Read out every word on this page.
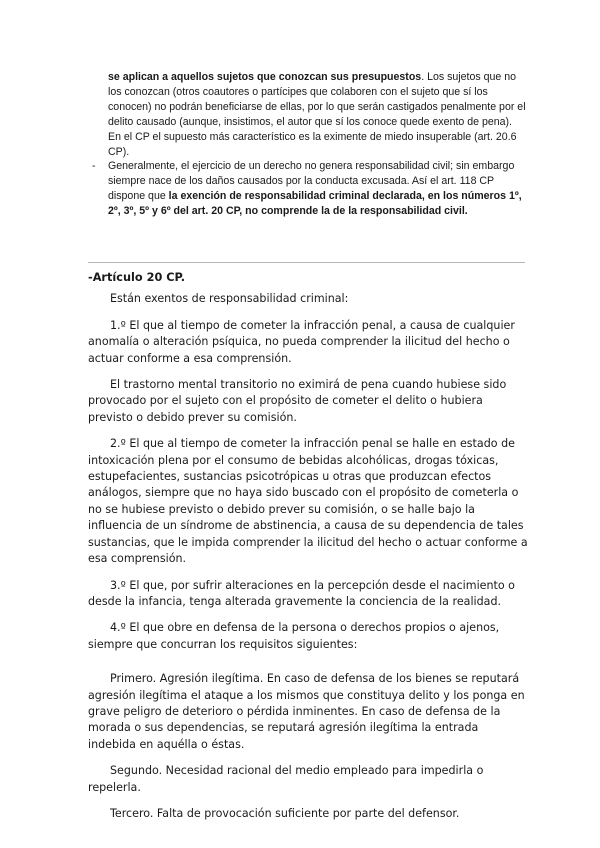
se aplican a aquellos sujetos que conozcan sus presupuestos. Los sujetos que no los conozcan (otros coautores o partícipes que colaboren con el sujeto que sí los conocen) no podrán beneficiarse de ellas, por lo que serán castigados penalmente por el delito causado (aunque, insistimos, el autor que sí los conoce quede exento de pena).

En el CP el supuesto más característico es la eximente de miedo insuperable (art. 20.6 CP).

- Generalmente, el ejercicio de un derecho no genera responsabilidad civil; sin embargo siempre nace de los daños causados por la conducta excusada. Así el art. 118 CP dispone que la exención de responsabilidad criminal declarada, en los números 1º, 2º, 3º, 5º y 6º del art. 20 CP, no comprende la de la responsabilidad civil.

-Artículo 20 CP.

Están exentos de responsabilidad criminal:

1.º El que al tiempo de cometer la infracción penal, a causa de cualquier anomalía o alteración psíquica, no pueda comprender la ilicitud del hecho o actuar conforme a esa comprensión.

El trastorno mental transitorio no eximirá de pena cuando hubiese sido provocado por el sujeto con el propósito de cometer el delito o hubiera previsto o debido prever su comisión.

2.º El que al tiempo de cometer la infracción penal se halle en estado de intoxicación plena por el consumo de bebidas alcohólicas, drogas tóxicas, estupefacientes, sustancias psicotrópicas u otras que produzcan efectos análogos, siempre que no haya sido buscado con el propósito de cometerla o no se hubiese previsto o debido prever su comisión, o se halle bajo la influencia de un síndrome de abstinencia, a causa de su dependencia de tales sustancias, que le impida comprender la ilicitud del hecho o actuar conforme a esa comprensión.

3.º El que, por sufrir alteraciones en la percepción desde el nacimiento o desde la infancia, tenga alterada gravemente la conciencia de la realidad.

4.º El que obre en defensa de la persona o derechos propios o ajenos, siempre que concurran los requisitos siguientes:

Primero. Agresión ilegítima. En caso de defensa de los bienes se reputará agresión ilegítima el ataque a los mismos que constituya delito y los ponga en grave peligro de deterioro o pérdida inminentes. En caso de defensa de la morada o sus dependencias, se reputará agresión ilegítima la entrada indebida en aquélla o éstas.

Segundo. Necesidad racional del medio empleado para impedirla o repelerla.

Tercero. Falta de provocación suficiente por parte del defensor.
